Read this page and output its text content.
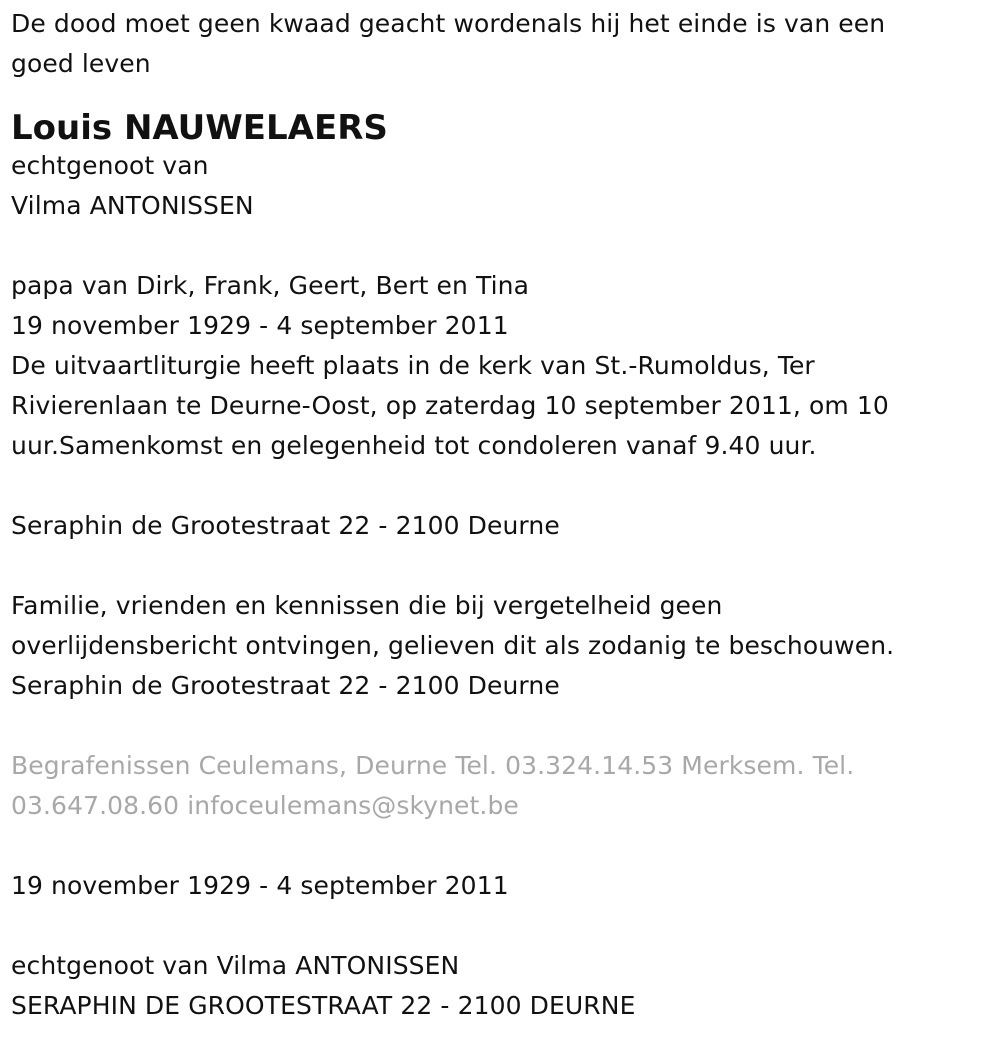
De dood moet geen kwaad geacht wordenals hij het einde is van een

goed leven

Louis NAUWELAERS

echtgenoot van

Vilma ANTONISSEN

papa van Dirk, Frank, Geert, Bert en Tina

19 november 1929 - 4 september 2011

De uitvaartliturgie heeft plaats in de kerk van St.-Rumoldus, Ter

Rivierenlaan te Deurne-Oost, op zaterdag 10 september 2011, om 10

uur.Samenkomst en gelegenheid tot condoleren vanaf 9.40 uur.

Seraphin de Grootestraat 22 - 2100 Deurne

Familie, vrienden en kennissen die bij vergetelheid geen

overlijdensbericht ontvingen, gelieven dit als zodanig te beschouwen.

Seraphin de Grootestraat 22 - 2100 Deurne

Begrafenissen Ceulemans, Deurne Tel. 03.324.14.53 Merksem. Tel.

03.647.08.60 infoceulemans@skynet.be

19 november 1929 - 4 september 2011

echtgenoot van Vilma ANTONISSEN

SERAPHIN DE GROOTESTRAAT 22 - 2100 DEURNE
